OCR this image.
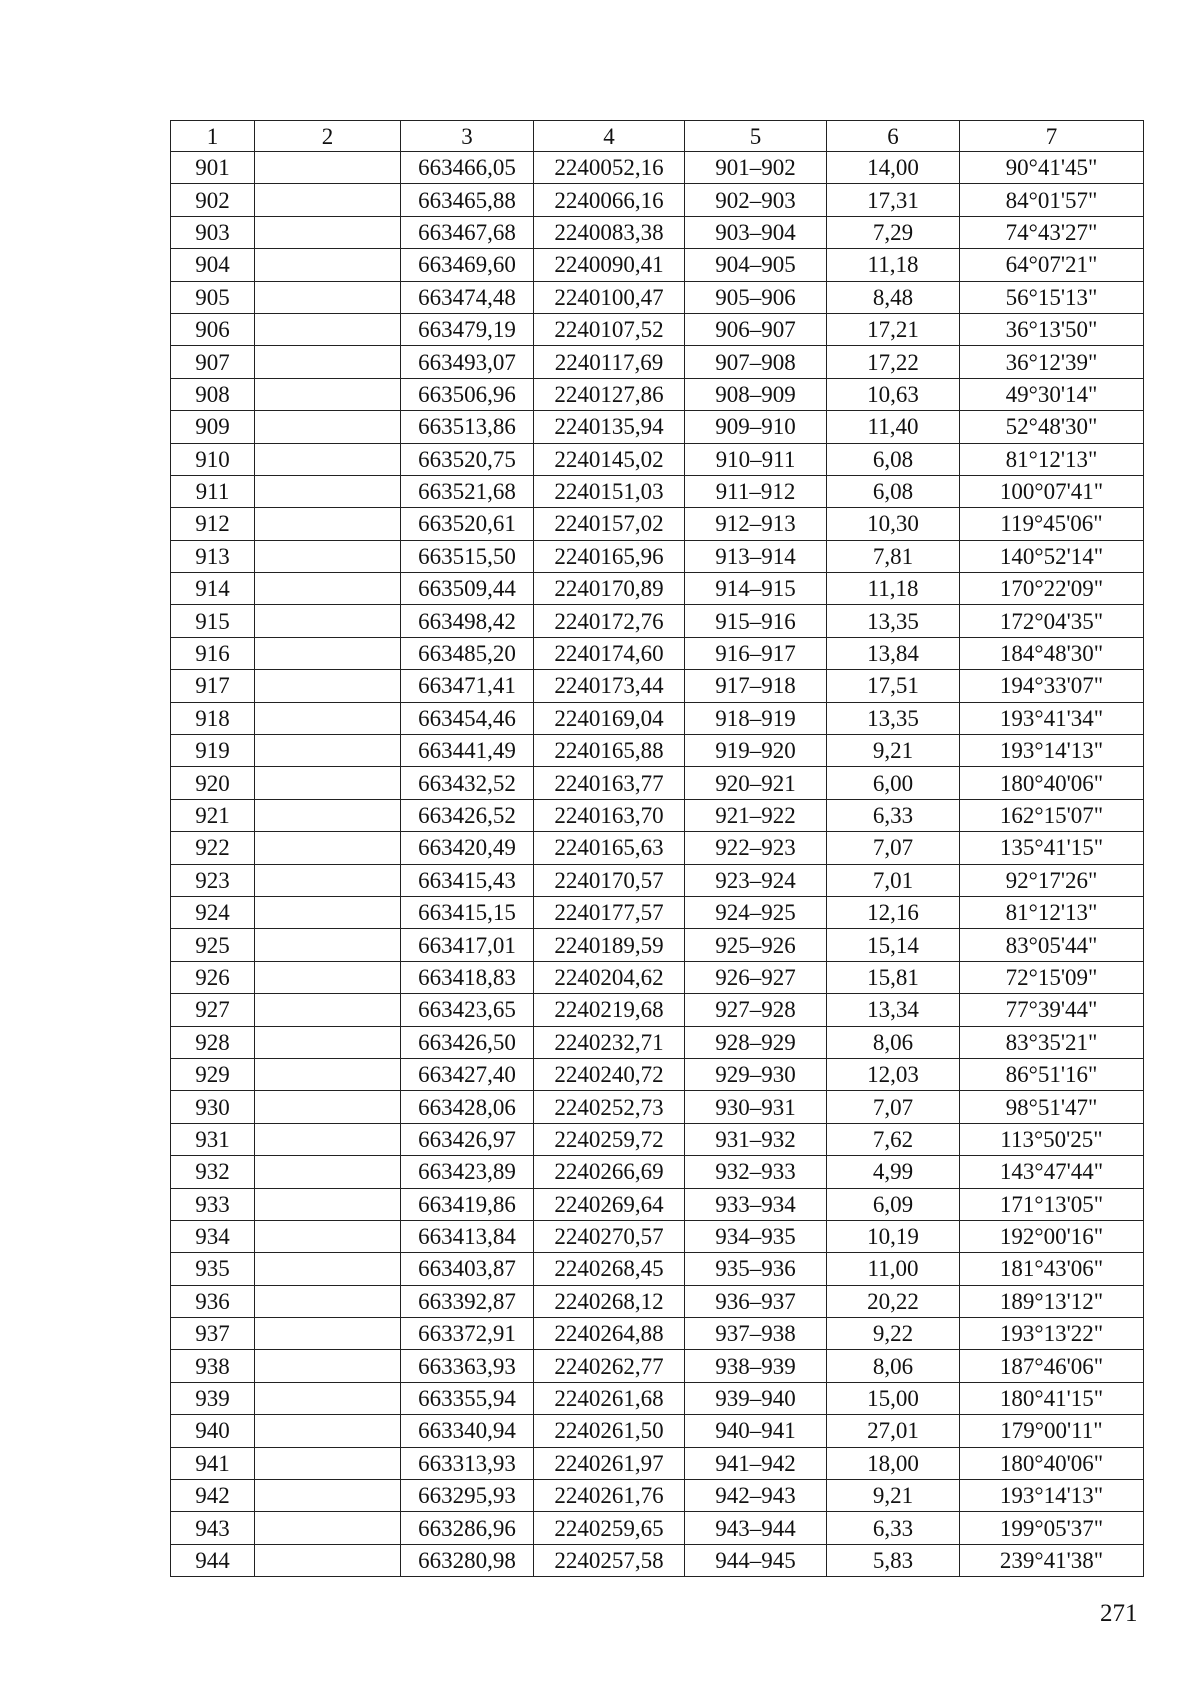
1	2	3	4	5	6	7
901		663466,05	2240052,16	901–902	14,00	90°41'45"
902		663465,88	2240066,16	902–903	17,31	84°01'57"
903		663467,68	2240083,38	903–904	7,29	74°43'27"
904		663469,60	2240090,41	904–905	11,18	64°07'21"
905		663474,48	2240100,47	905–906	8,48	56°15'13"
906		663479,19	2240107,52	906–907	17,21	36°13'50"
907		663493,07	2240117,69	907–908	17,22	36°12'39"
908		663506,96	2240127,86	908–909	10,63	49°30'14"
909		663513,86	2240135,94	909–910	11,40	52°48'30"
910		663520,75	2240145,02	910–911	6,08	81°12'13"
911		663521,68	2240151,03	911–912	6,08	100°07'41"
912		663520,61	2240157,02	912–913	10,30	119°45'06"
913		663515,50	2240165,96	913–914	7,81	140°52'14"
914		663509,44	2240170,89	914–915	11,18	170°22'09"
915		663498,42	2240172,76	915–916	13,35	172°04'35"
916		663485,20	2240174,60	916–917	13,84	184°48'30"
917		663471,41	2240173,44	917–918	17,51	194°33'07"
918		663454,46	2240169,04	918–919	13,35	193°41'34"
919		663441,49	2240165,88	919–920	9,21	193°14'13"
920		663432,52	2240163,77	920–921	6,00	180°40'06"
921		663426,52	2240163,70	921–922	6,33	162°15'07"
922		663420,49	2240165,63	922–923	7,07	135°41'15"
923		663415,43	2240170,57	923–924	7,01	92°17'26"
924		663415,15	2240177,57	924–925	12,16	81°12'13"
925		663417,01	2240189,59	925–926	15,14	83°05'44"
926		663418,83	2240204,62	926–927	15,81	72°15'09"
927		663423,65	2240219,68	927–928	13,34	77°39'44"
928		663426,50	2240232,71	928–929	8,06	83°35'21"
929		663427,40	2240240,72	929–930	12,03	86°51'16"
930		663428,06	2240252,73	930–931	7,07	98°51'47"
931		663426,97	2240259,72	931–932	7,62	113°50'25"
932		663423,89	2240266,69	932–933	4,99	143°47'44"
933		663419,86	2240269,64	933–934	6,09	171°13'05"
934		663413,84	2240270,57	934–935	10,19	192°00'16"
935		663403,87	2240268,45	935–936	11,00	181°43'06"
936		663392,87	2240268,12	936–937	20,22	189°13'12"
937		663372,91	2240264,88	937–938	9,22	193°13'22"
938		663363,93	2240262,77	938–939	8,06	187°46'06"
939		663355,94	2240261,68	939–940	15,00	180°41'15"
940		663340,94	2240261,50	940–941	27,01	179°00'11"
941		663313,93	2240261,97	941–942	18,00	180°40'06"
942		663295,93	2240261,76	942–943	9,21	193°14'13"
943		663286,96	2240259,65	943–944	6,33	199°05'37"
944		663280,98	2240257,58	944–945	5,83	239°41'38"
271
